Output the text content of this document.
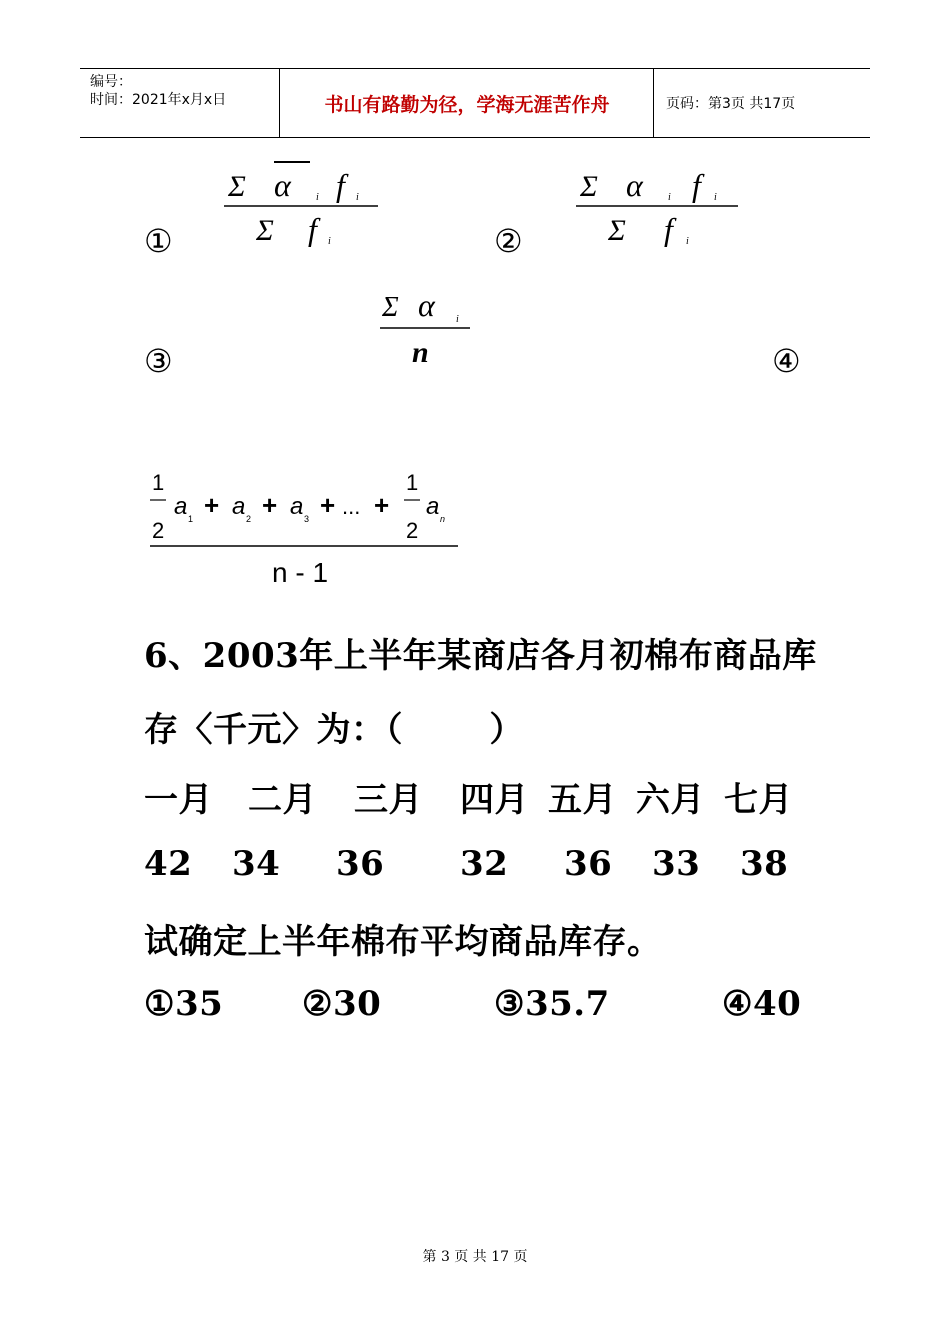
编号：
时间：2021年x月x日	书山有路勤为径，学海无涯苦作舟	页码：第3页 共17页
①
Σ α	i f	i
Σ f	i	②
Σ α	i f	i
Σ f	i
③
Σ α i
n	④
1
2
a 1 + a 2 + a 3 + ... +
1
2
a n
n - 1
6、2003年上半年某商店各月初棉布商品库
存〈千元〉为：（       ）
一月 二月 三月 四月 五月 六月 七月
42 34 36 32 36 33 38
试确定上半年棉布平均商品库存。
①35 ②30	③35.7	④40
第 3 页 共 17 页
